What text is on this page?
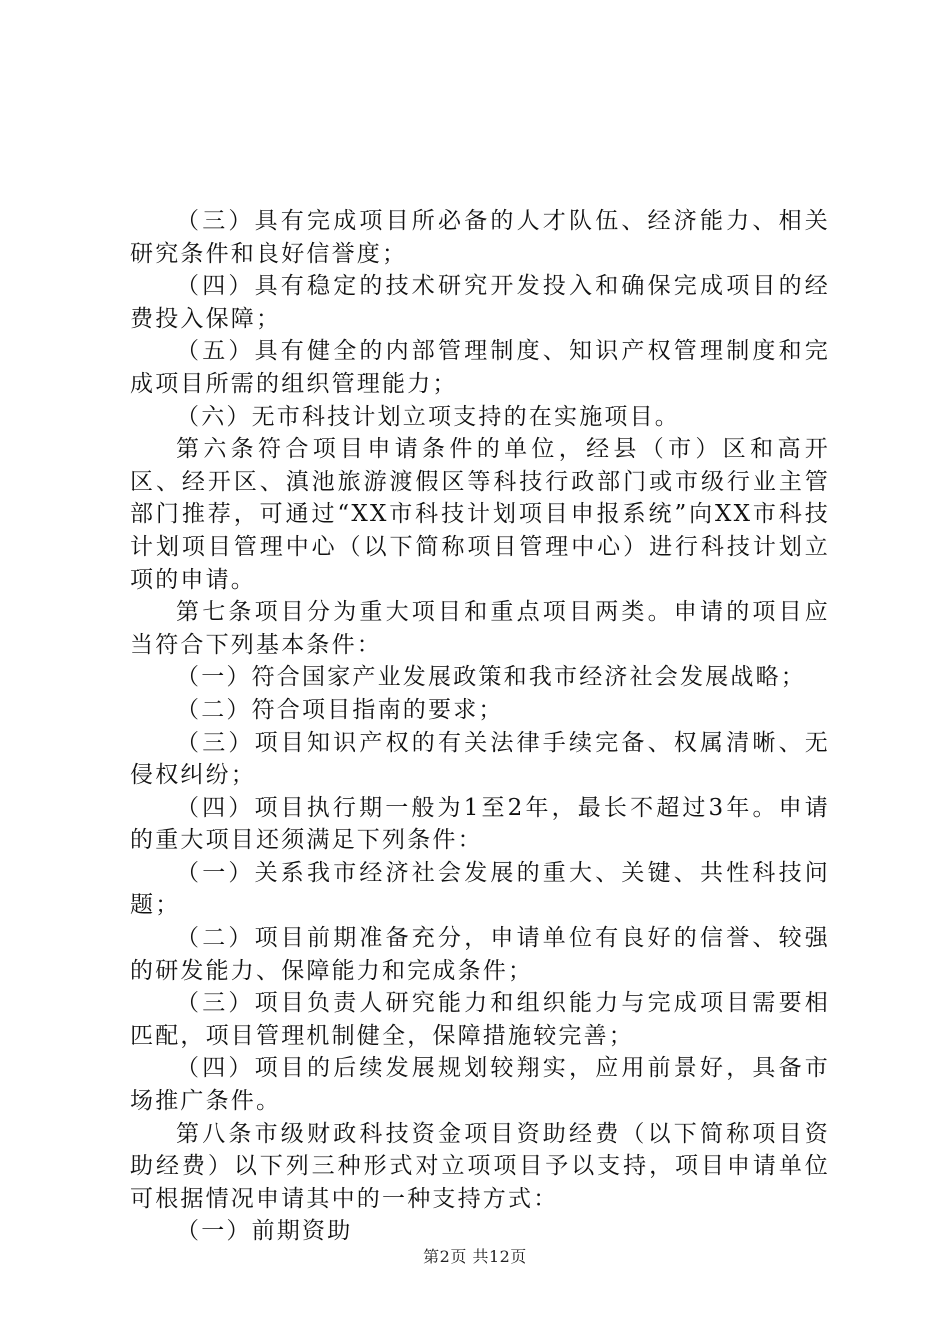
（三）具有完成项目所必备的人才队伍、经济能力、相关研究条件和良好信誉度；

（四）具有稳定的技术研究开发投入和确保完成项目的经费投入保障；

（五）具有健全的内部管理制度、知识产权管理制度和完成项目所需的组织管理能力；

（六）无市科技计划立项支持的在实施项目。

第六条符合项目申请条件的单位，经县（市）区和高开区、经开区、滇池旅游渡假区等科技行政部门或市级行业主管部门推荐，可通过“XX市科技计划项目申报系统”向XX市科技计划项目管理中心（以下简称项目管理中心）进行科技计划立项的申请。

第七条项目分为重大项目和重点项目两类。申请的项目应当符合下列基本条件：

（一）符合国家产业发展政策和我市经济社会发展战略；

（二）符合项目指南的要求；

（三）项目知识产权的有关法律手续完备、权属清晰、无侵权纠纷；

（四）项目执行期一般为1至2年，最长不超过3年。申请的重大项目还须满足下列条件：

（一）关系我市经济社会发展的重大、关键、共性科技问题；

（二）项目前期准备充分，申请单位有良好的信誉、较强的研发能力、保障能力和完成条件；

（三）项目负责人研究能力和组织能力与完成项目需要相匹配，项目管理机制健全，保障措施较完善；

（四）项目的后续发展规划较翔实，应用前景好，具备市场推广条件。

第八条市级财政科技资金项目资助经费（以下简称项目资助经费）以下列三种形式对立项项目予以支持，项目申请单位可根据情况申请其中的一种支持方式：

（一）前期资助

第2页 共12页
